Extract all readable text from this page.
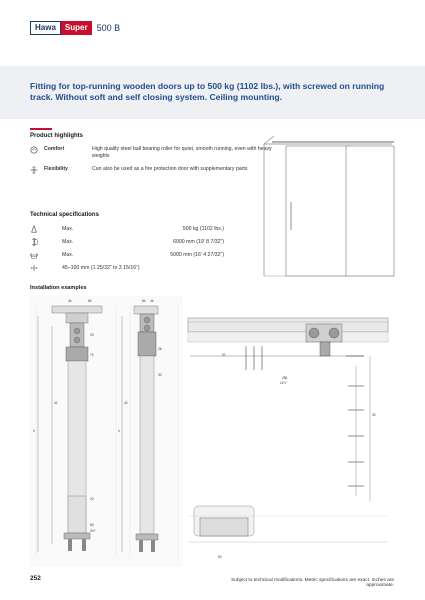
Hawa	Super	500 B
Fitting for top-running wooden doors up to 500 kg (1102 lbs.), with screwed on running track. Without soft and self closing system. Ceiling mounting.
Product highlights
Comfort	High quality steel ball bearing roller for quiet, smooth running, even with heavy weights
Flexibility	Can also be used as a fire protection door with supplementary parts
Technical specifications
Max.	500 kg (1102 lbs.)
Max.	6000 mm (19’ 8 7/32”)
Max.	5000 mm (16’ 4 27/32”)
45–100 mm (1 25/32” to 3 15/16”)
Installation examples
44	84	84 44
20
73
26
30
57
286
11⅔″
80
3⅜″
20
60
42	42
30
h	h
252	Subject to technical modifications. Metric specifications are exact. Inches are approximate.
